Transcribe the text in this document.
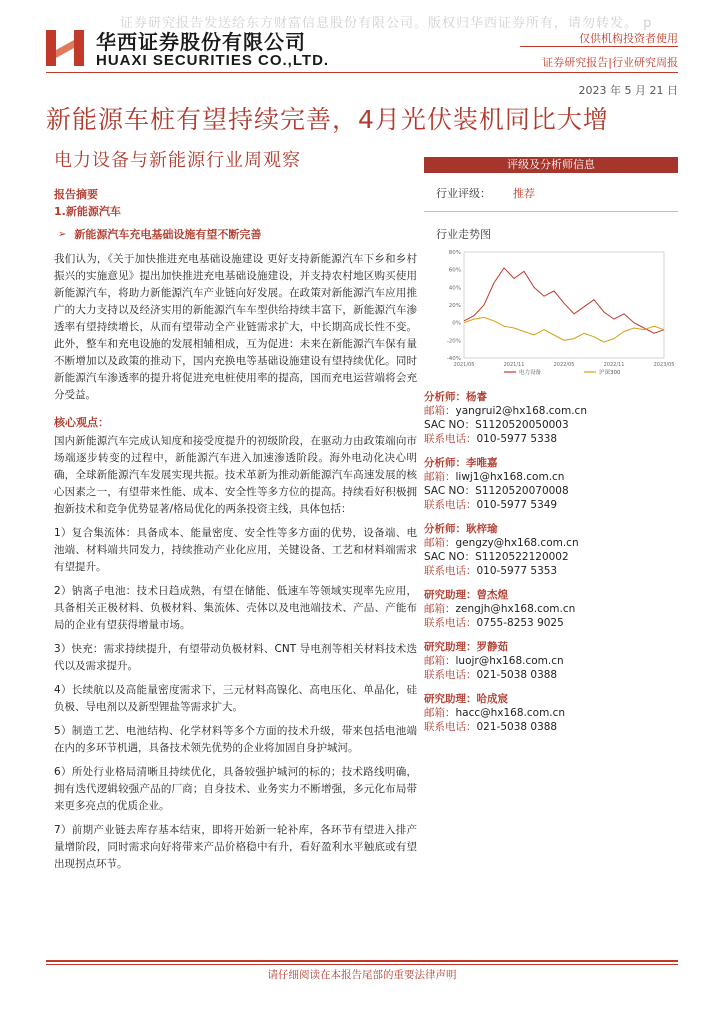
证券研究报告发送给东方财富信息股份有限公司。版权归华西证券所有，请勿转发。 p
华西证券股份有限公司
HUAXI SECURITIES CO.,LTD.
仅供机构投资者使用
证券研究报告|行业研究周报
2023 年 5 月 21 日
新能源车桩有望持续完善，4月光伏装机同比大增
电力设备与新能源行业周观察

报告摘要

1.新能源汽车

➢ 新能源汽车充电基础设施有望不断完善

我们认为，《关于加快推进充电基础设施建设 更好支持新能源汽车下乡和乡村振兴的实施意见》提出加快推进充电基础设施建设，并支持农村地区购买使用新能源汽车，将助力新能源汽车产业链向好发展。在政策对新能源汽车应用推广的大力支持以及经济实用的新能源汽车车型供给持续丰富下，新能源汽车渗透率有望持续增长，从而有望带动全产业链需求扩大，中长期高成长性不变。此外，整车和充电设施的发展相辅相成，互为促进：未来在新能源汽车保有量不断增加以及政策的推动下，国内充换电等基础设施建设有望持续优化。同时新能源汽车渗透率的提升将促进充电桩使用率的提高，国而充电运营端将会充分受益。

核心观点：

国内新能源汽车完成认知度和接受度提升的初级阶段，在驱动力由政策端向市场端逐步转变的过程中，新能源汽车进入加速渗透阶段。海外电动化决心明确，全球新能源汽车发展实现共振。技术革新为推动新能源汽车高速发展的核心因素之一，有望带来性能、成本、安全性等多方位的提高。持续看好积极拥抱新技术和竞争优势显著/格局优化的两条投资主线，具体包括：

1）复合集流体：具备成本、能量密度、安全性等多方面的优势，设备端、电池端、材料端共同发力，持续推动产业化应用，关键设备、工艺和材料端需求有望提升。

2）钠离子电池：技术日趋成熟，有望在储能、低速车等领域实现率先应用，具备相关正极材料、负极材料、集流体、壳体以及电池端技术、产品、产能布局的企业有望获得增量市场。

3）快充：需求持续提升，有望带动负极材料、CNT 导电剂等相关材料技术迭代以及需求提升。

4）长续航以及高能量密度需求下，三元材料高镍化、高电压化、单晶化，硅负极、导电剂以及新型锂盐等需求扩大。

5）制造工艺、电池结构、化学材料等多个方面的技术升级，带来包括电池端在内的多环节机遇，具备技术领先优势的企业将加固自身护城河。

6）所处行业格局清晰且持续优化，具备较强护城河的标的；技术路线明确，拥有迭代逻辑较强产品的厂商；自身技术、业务实力不断增强，多元化布局带来更多亮点的优质企业。

7）前期产业链去库存基本结束，即将开始新一轮补库，各环节有望进入排产量增阶段，同时需求向好将带来产品价格稳中有升，看好盈利水平触底或有望出现拐点环节。

评级及分析师信息
行业评级： 推荐
行业走势图
80%
60%
40%
20%
0%
-20%
-40%
2021/05	2021/11	2022/05	2022/11	2023/05
电力设备	沪深300
分析师：杨睿
邮箱：yangrui2@hx168.com.cn
SAC NO：S1120520050003
联系电话：010-5977 5338
分析师：李唯嘉
邮箱：liwj1@hx168.com.cn
SAC NO：S1120520070008
联系电话：010-5977 5349
分析师：耿梓瑜
邮箱：gengzy@hx168.com.cn
SAC NO：S1120522120002
联系电话：010-5977 5353
研究助理：曾杰煌
邮箱：zengjh@hx168.com.cn
联系电话：0755-8253 9025
研究助理：罗静茹
邮箱：luojr@hx168.com.cn
联系电话：021-5038 0388
研究助理：哈成宸
邮箱：hacc@hx168.com.cn
联系电话：021-5038 0388
请仔细阅读在本报告尾部的重要法律声明
